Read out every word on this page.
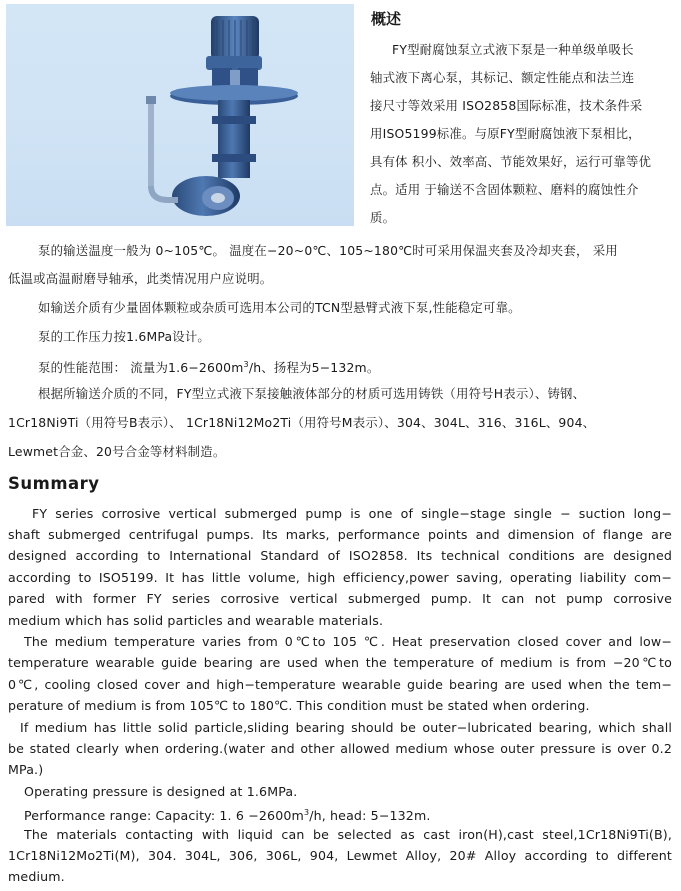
概述
FY型耐腐蚀泵立式液下泵是一种单级单吸长
轴式液下离心泵，其标记、额定性能点和法兰连
接尺寸等效采用 ISO2858国际标准，技术条件采
用ISO5199标准。与原FY型耐腐蚀液下泵相比，
具有体 积小、效率高、节能效果好，运行可靠等优
点。适用 于输送不含固体颗粒、磨料的腐蚀性介
质。
泵的输送温度一般为 0~105℃。 温度在−20~0℃、105~180℃时可采用保温夹套及冷却夹套， 采用
低温或高温耐磨导轴承，此类情况用户应说明。
如输送介质有少量固体颗粒或杂质可选用本公司的TCN型悬臂式液下泵,性能稳定可靠。
泵的工作压力按1.6MPa设计。
泵的性能范围： 流量为$1.6-2600m^3/h$、扬程为5−132m。
根据所输送介质的不同，FY型立式液下泵接触液体部分的材质可选用铸铁（用符号H表示）、铸钢、
1Cr18Ni9Ti（用符号B表示）、 1Cr18Ni12Mo2Ti（用符号M表示）、304、304L、316、316L、904、
Lewmet合金、20号合金等材料制造。
Summary
FY series corrosive vertical submerged pump is one of single−stage single − suction long−
shaft submerged centrifugal pumps. Its marks, performance points and dimension of flange are
designed according to International Standard of ISO2858. Its technical conditions are designed
according to ISO5199. It has little volume, high efficiency,power saving, operating liability com−
pared with former FY series corrosive vertical submerged pump. It can not pump corrosive
medium which has solid particles and wearable materials.
The medium temperature varies from 0℃to 105 ℃. Heat preservation closed cover and low−
temperature wearable guide bearing are used when the temperature of medium is from −20℃to
0℃, cooling closed cover and high−temperature wearable guide bearing are used when the tem−
perature of medium is from 105℃ to 180℃. This condition must be stated when ordering.
If medium has little solid particle,sliding bearing should be outer−lubricated bearing, which shall
be stated clearly when ordering.(water and other allowed medium whose outer pressure is over 0.2
MPa.)
Operating pressure is designed at 1.6MPa.
Performance range: Capacity: 1. $6 -2600m^3/h$, head: 5−132m.
The materials contacting with liquid can be selected as cast iron(H),cast steel,1Cr18Ni9Ti(B),
1Cr18Ni12Mo2Ti(M), 304. 304L, 306, 306L, 904, Lewmet Alloy, 20# Alloy according to different
medium.
